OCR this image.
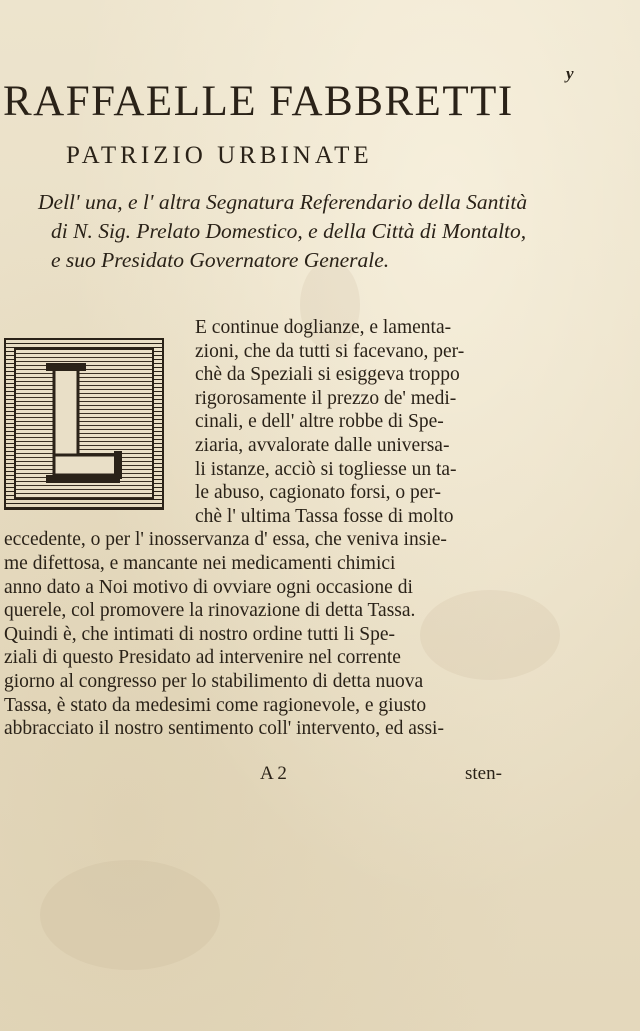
y
RAFFAELLE FABBRETTI
PATRIZIO URBINATE
Dell' una, e l' altra Segnatura Referendario della Santità
di N. Sig. Prelato Domestico, e della Città di Montalto,
e suo Presidato Governatore Generale.
E continue doglianze, e lamenta-
zioni, che da tutti si facevano, per-
chè da Speziali si esiggeva troppo
rigorosamente il prezzo de' medi-
cinali, e dell' altre robbe di Spe-
ziaria, avvalorate dalle universa-
li istanze, acciò si togliesse un ta-
le abuso, cagionato forsi, o per-
chè l' ultima Tassa fosse di molto
eccedente, o per l' inosservanza d' essa, che veniva insie-
me difettosa, e mancante nei medicamenti chimici
anno dato a Noi motivo di ovviare ogni occasione di
querele, col promovere la rinovazione di detta Tassa.
Quindi è, che intimati di nostro ordine tutti li Spe-
ziali di questo Presidato ad intervenire nel corrente
giorno al congresso per lo stabilimento di detta nuova
Tassa, è stato da medesimi come ragionevole, e giusto
abbracciato il nostro sentimento coll' intervento, ed assi-
A 2	sten-
